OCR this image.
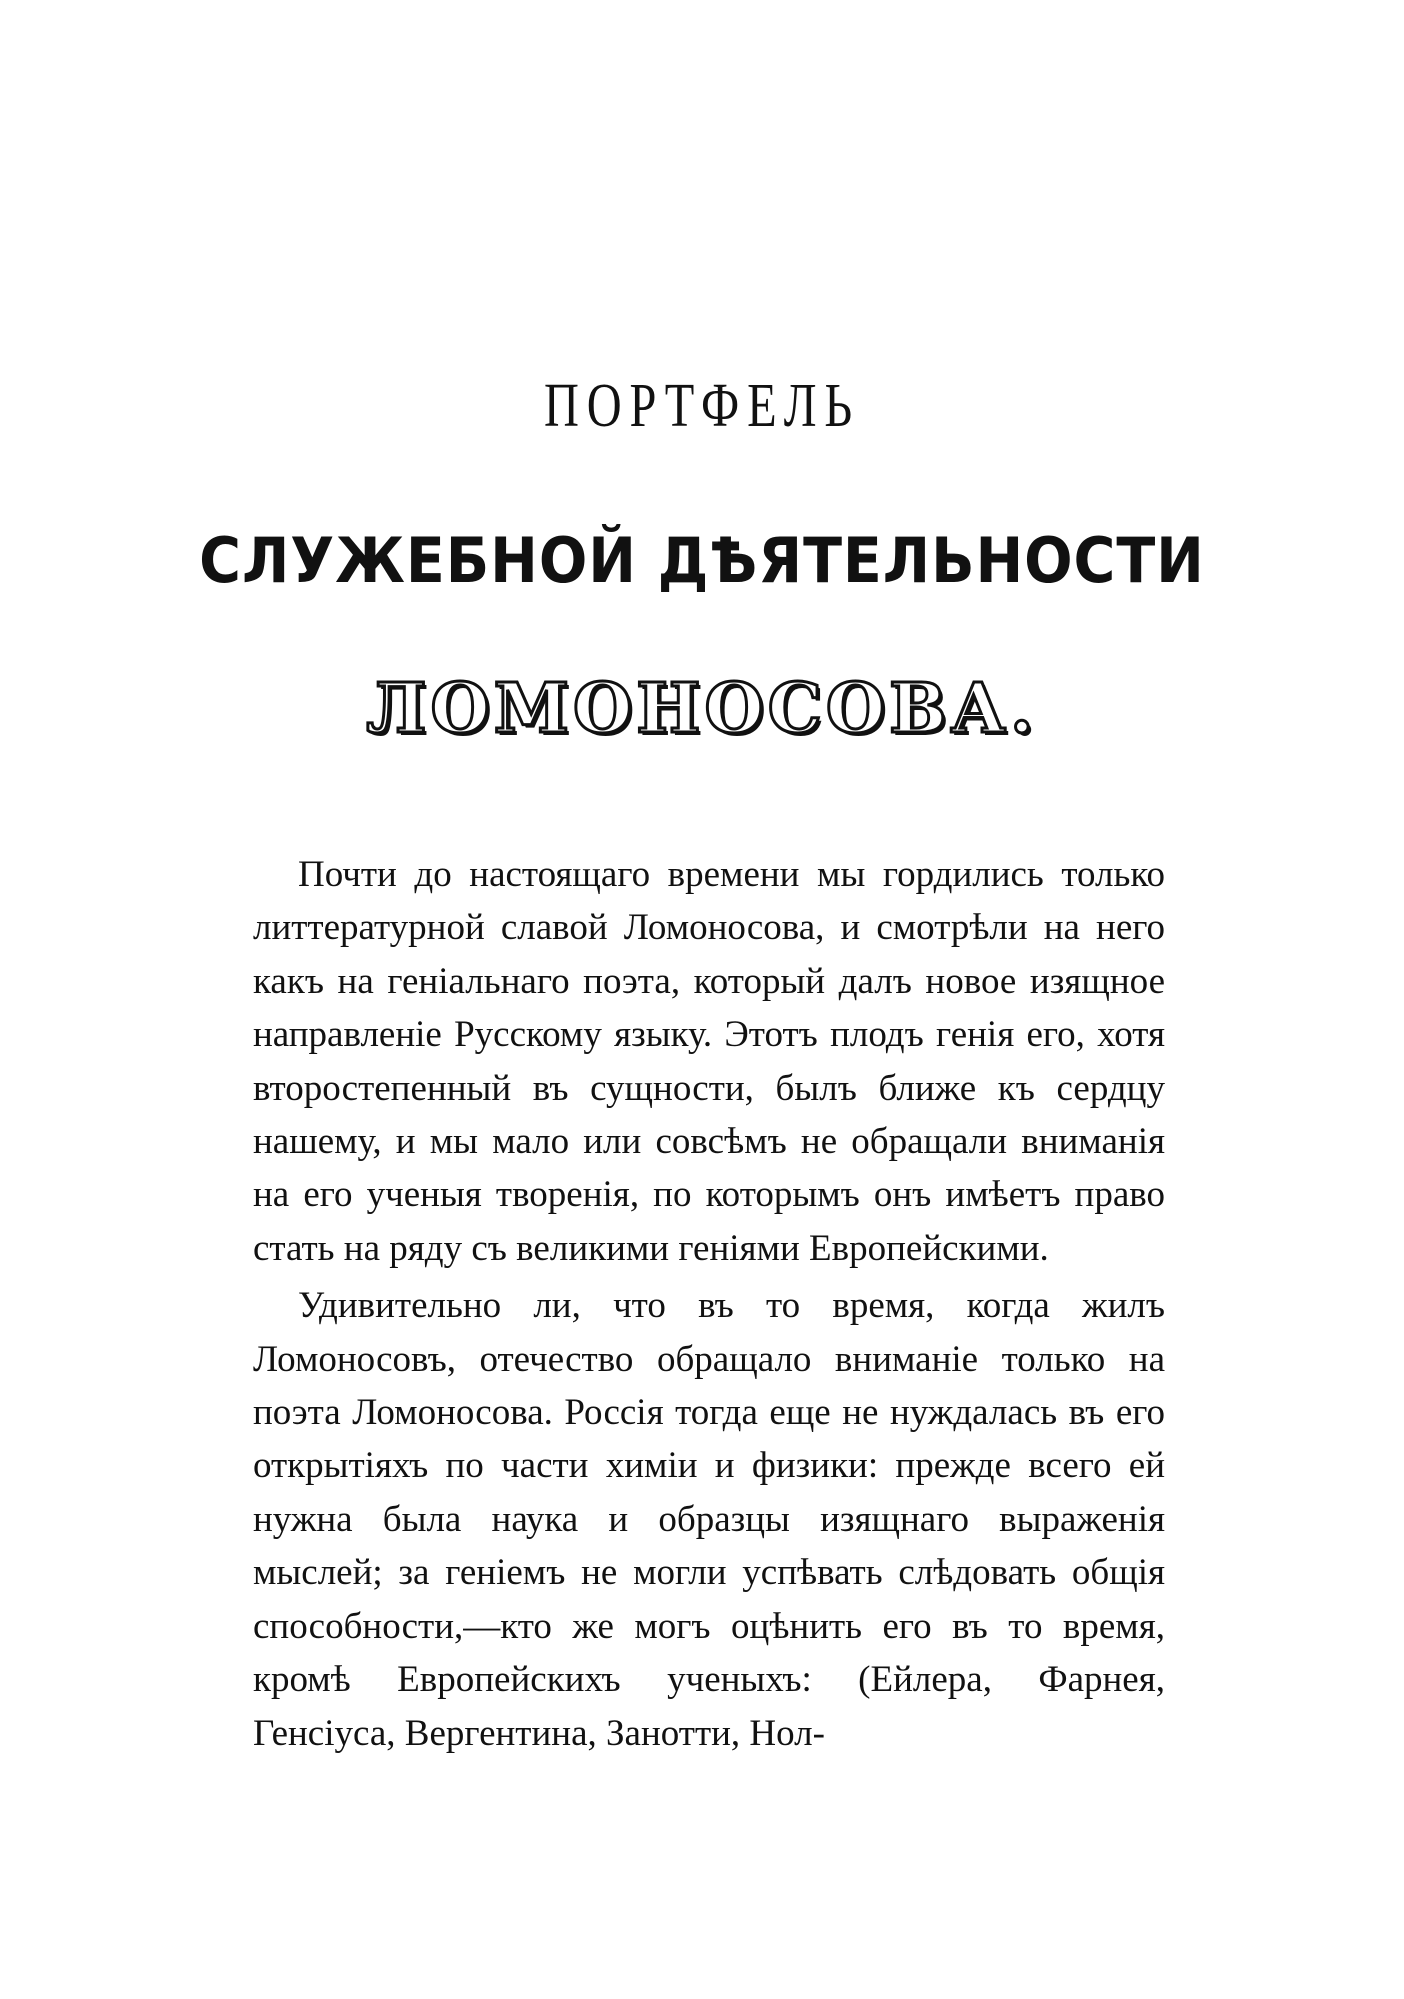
ПОРТФЕЛЬ
СЛУЖЕБНОЙ ДѢЯТЕЛЬНОСТИ
ЛОМОНОСОВА.

Почти до настоящаго времени мы гордились только литтературной славой Ломоносова, и смотрѣли на него какъ на геніальнаго поэта, который далъ новое изящное направленіе Русскому языку. Этотъ плодъ генія его, хотя второстепенный въ сущности, былъ ближе къ сердцу нашему, и мы мало или совсѣмъ не обращали вниманія на его ученыя творенія, по которымъ онъ имѣетъ право стать на ряду съ великими геніями Европейскими.

Удивительно ли, что въ то время, когда жилъ Ломоносовъ, отечество обращало вниманіе только на поэта Ломоносова. Россія тогда еще не нуждалась въ его открытіяхъ по части химіи и физики: прежде всего ей нужна была наука и образцы изящнаго выраженія мыслей; за геніемъ не могли успѣвать слѣдовать общія способности,—кто же могъ оцѣнить его въ то время, кромѣ Европейскихъ ученыхъ: (Ейлера, Фарнея, Генсіуса, Вергентина, Занотти, Нол-
